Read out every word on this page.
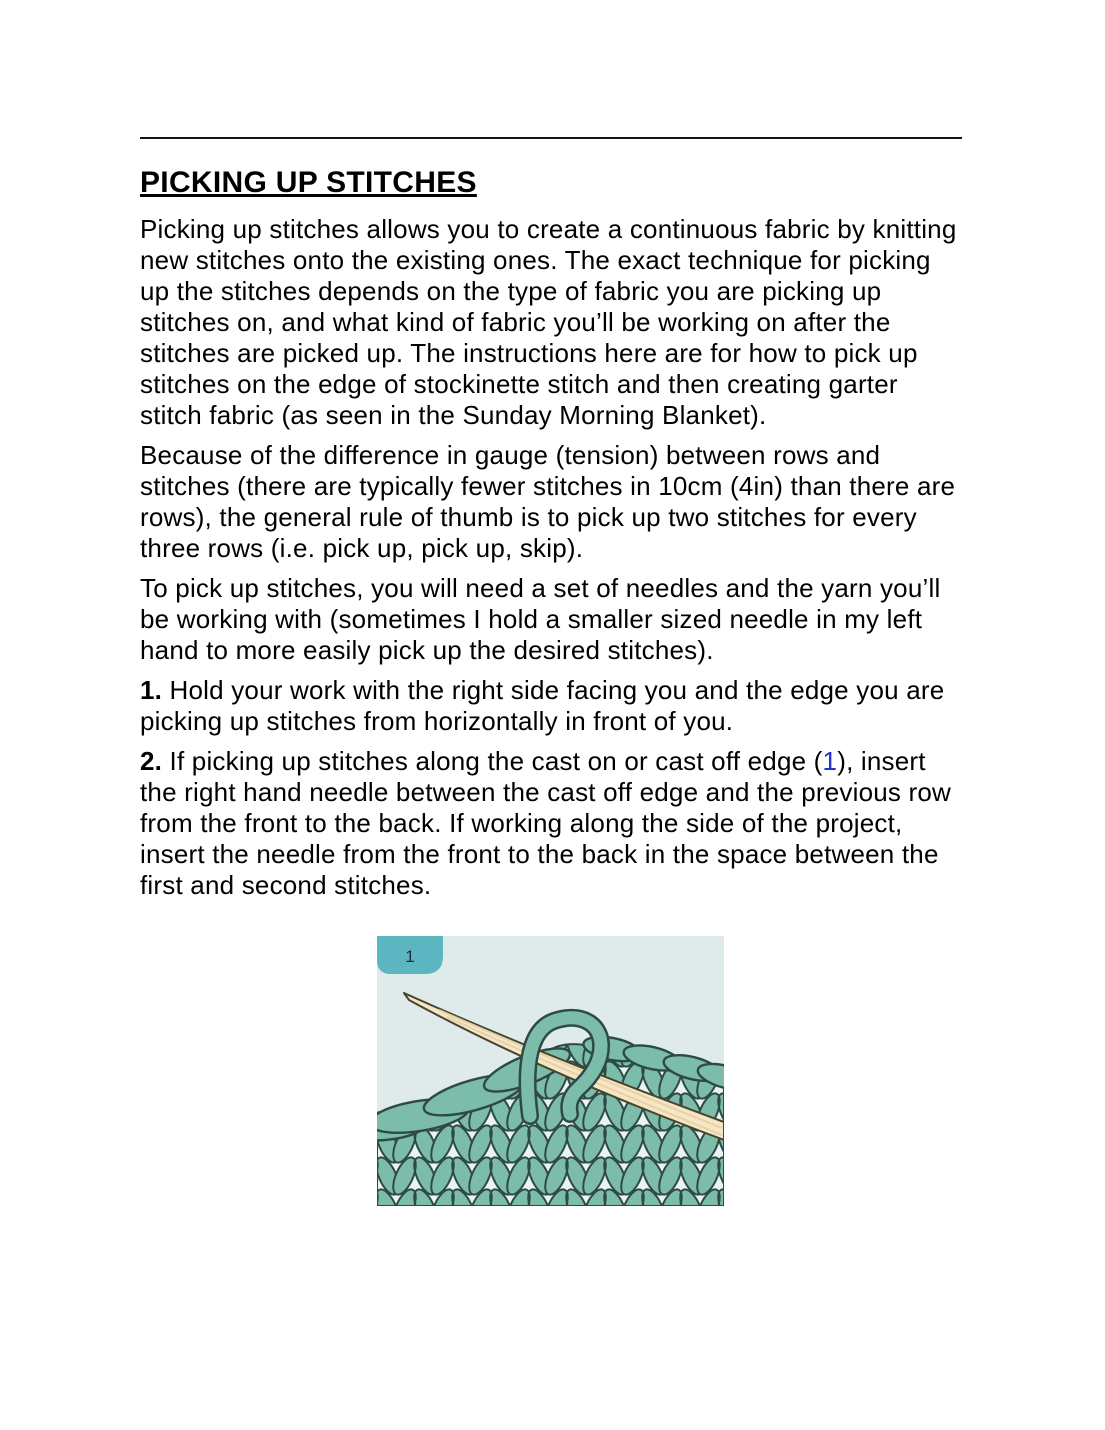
PICKING UP STITCHES

Picking up stitches allows you to create a continuous fabric by knitting new stitches onto the existing ones. The exact technique for picking up the stitches depends on the type of fabric you are picking up stitches on, and what kind of fabric you’ll be working on after the stitches are picked up. The instructions here are for how to pick up stitches on the edge of stockinette stitch and then creating garter stitch fabric (as seen in the Sunday Morning Blanket).

Because of the difference in gauge (tension) between rows and stitches (there are typically fewer stitches in 10cm (4in) than there are rows), the general rule of thumb is to pick up two stitches for every three rows (i.e. pick up, pick up, skip).

To pick up stitches, you will need a set of needles and the yarn you’ll be working with (sometimes I hold a smaller sized needle in my left hand to more easily pick up the desired stitches).

1. Hold your work with the right side facing you and the edge you are picking up stitches from horizontally in front of you.

2. If picking up stitches along the cast on or cast off edge (1), insert the right hand needle between the cast off edge and the previous row from the front to the back. If working along the side of the project, insert the needle from the front to the back in the space between the first and second stitches.

1
